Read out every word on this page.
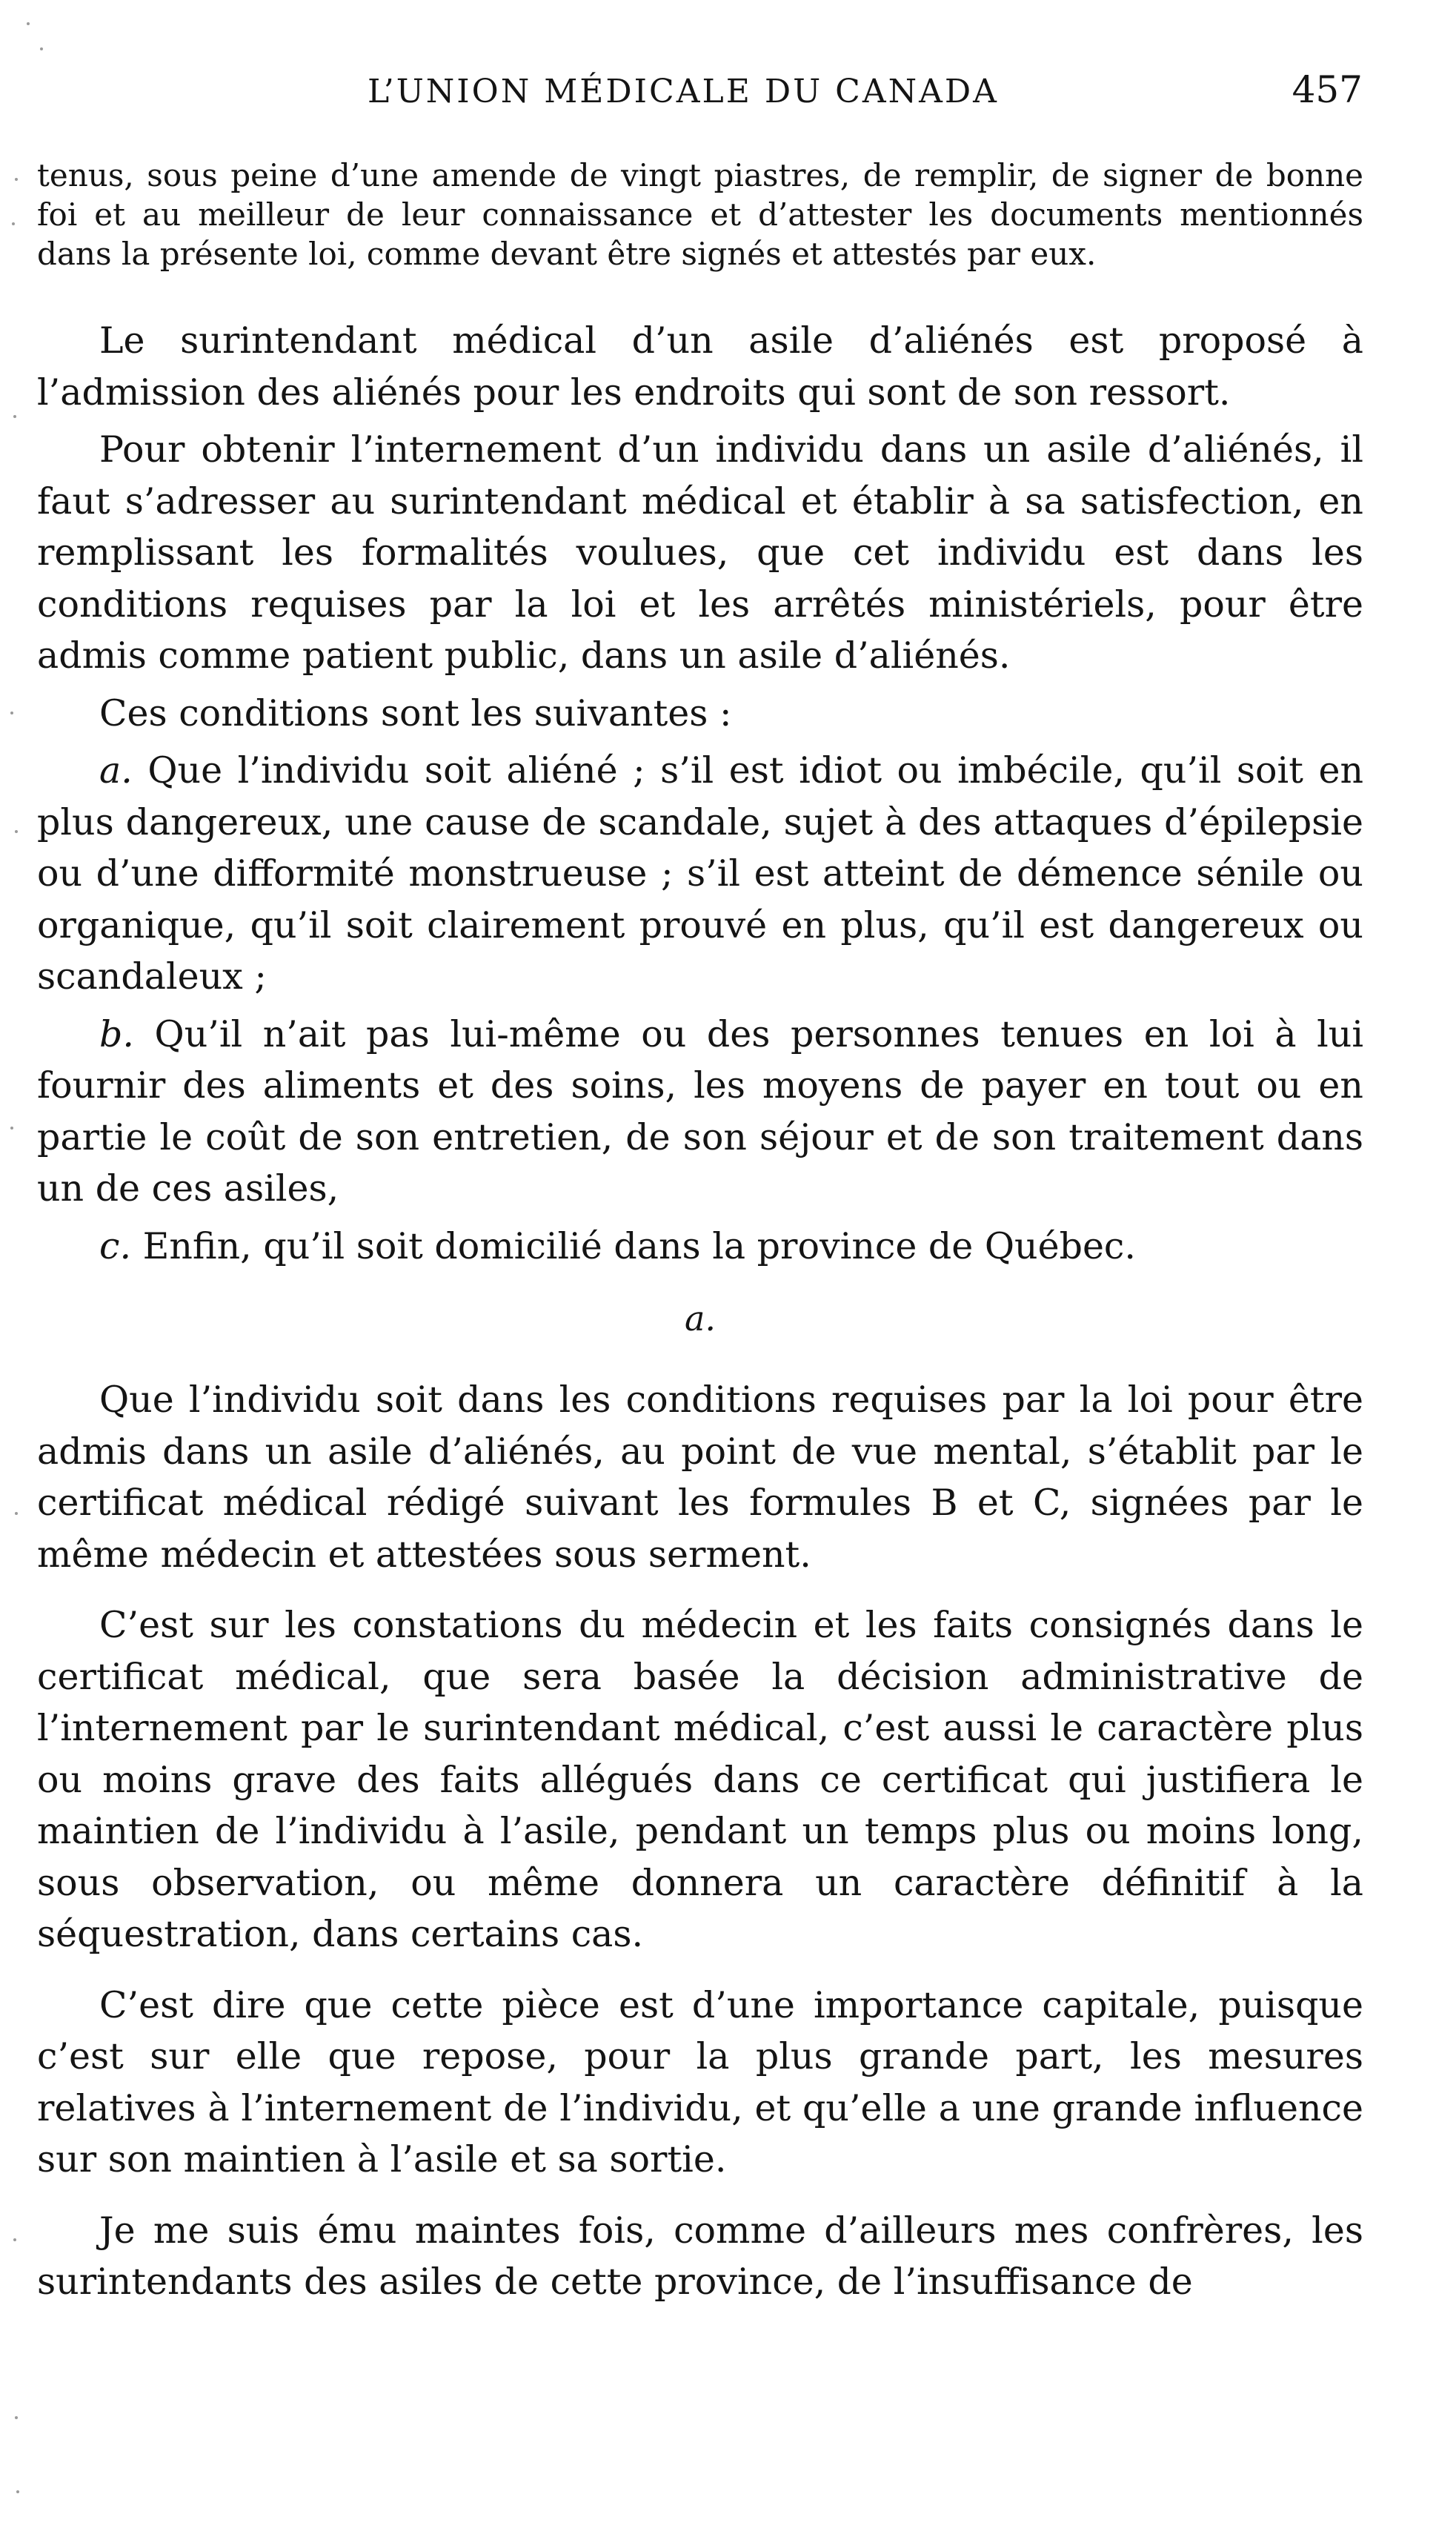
L’UNION MÉDICALE DU CANADA	457

tenus, sous peine d’une amende de vingt piastres, de remplir, de signer de bonne foi et au meilleur de leur connaissance et d’attester les documents mentionnés dans la présente loi, comme devant être signés et attestés par eux.

Le surintendant médical d’un asile d’aliénés est proposé à l’admission des aliénés pour les endroits qui sont de son ressort.

Pour obtenir l’internement d’un individu dans un asile d’aliénés, il faut s’adresser au surintendant médical et établir à sa satisfection, en remplissant les formalités voulues, que cet individu est dans les conditions requises par la loi et les arrêtés ministériels, pour être admis comme patient public, dans un asile d’aliénés.

Ces conditions sont les suivantes :

a. Que l’individu soit aliéné ; s’il est idiot ou imbécile, qu’il soit en plus dangereux, une cause de scandale, sujet à des attaques d’épilepsie ou d’une difformité monstrueuse ; s’il est atteint de démence sénile ou organique, qu’il soit clairement prouvé en plus, qu’il est dangereux ou scandaleux ;

b. Qu’il n’ait pas lui-même ou des personnes tenues en loi à lui fournir des aliments et des soins, les moyens de payer en tout ou en partie le coût de son entretien, de son séjour et de son traitement dans un de ces asiles,

c. Enfin, qu’il soit domicilié dans la province de Québec.

a.

Que l’individu soit dans les conditions requises par la loi pour être admis dans un asile d’aliénés, au point de vue mental, s’établit par le certificat médical rédigé suivant les formules B et C, signées par le même médecin et attestées sous serment.

C’est sur les constations du médecin et les faits consignés dans le certificat médical, que sera basée la décision administrative de l’internement par le surintendant médical, c’est aussi le caractère plus ou moins grave des faits allégués dans ce certificat qui justifiera le maintien de l’individu à l’asile, pendant un temps plus ou moins long, sous observation, ou même donnera un caractère définitif à la séquestration, dans certains cas.

C’est dire que cette pièce est d’une importance capitale, puisque c’est sur elle que repose, pour la plus grande part, les mesures relatives à l’internement de l’individu, et qu’elle a une grande influence sur son maintien à l’asile et sa sortie.

Je me suis ému maintes fois, comme d’ailleurs mes confrères, les surintendants des asiles de cette province, de l’insuffisance de
